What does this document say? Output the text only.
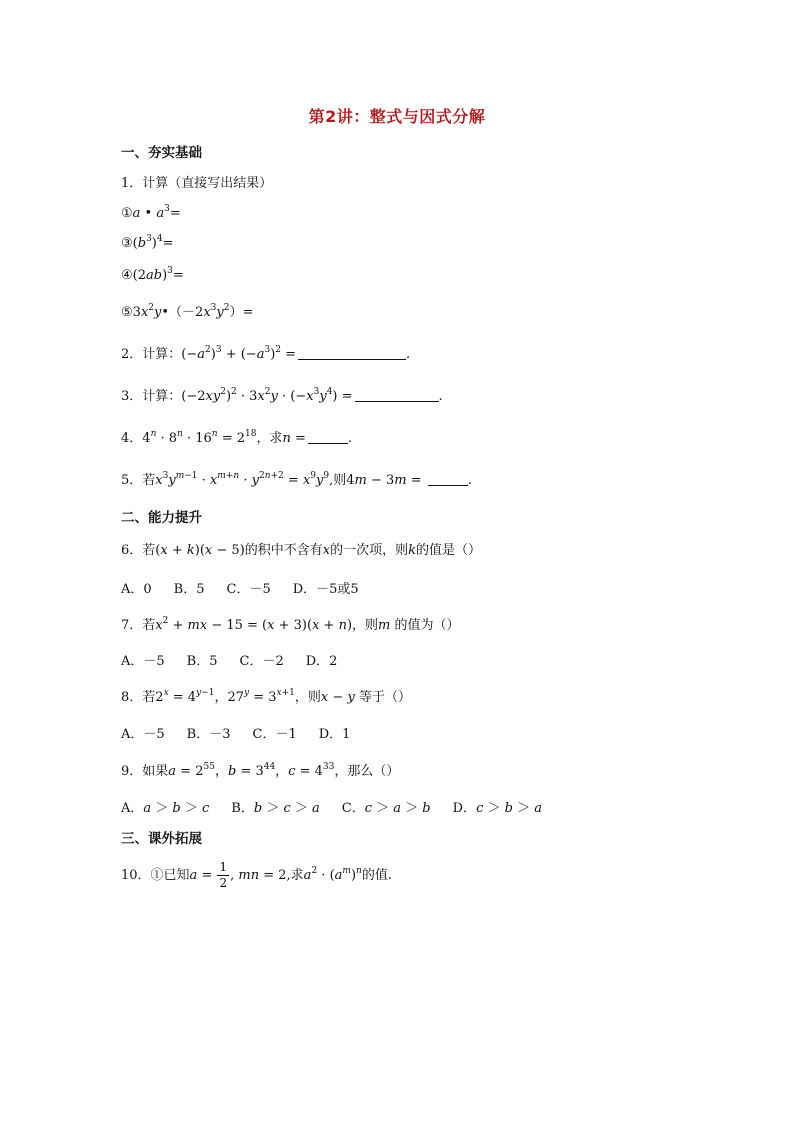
第2讲：整式与因式分解
一、夯实基础
1．计算（直接写出结果）
①a • $a^3=$
$③(b^3)^4=$
$④(2ab)^3=$
$⑤3x^2y•(-2x^3y^2)=$
2．计算：$(-a^2)^3 + (-a^3)^2$ =	.
3．计算：$(-2xy^2)^2 \cdot 3x^2y \cdot (-x^3y^4)$ =	.
4．$4^n \cdot 8^n \cdot 16^n = 2^{18}$，求n =	.
5．若$x^3y^{m-1} \cdot x^{m+n} \cdot y^{2n+2} = x^9y^9$,则4m − 3m =	.
二、能力提升
6．若(x + k)(x − 5)的积中不含有x的一次项，则k的值是（）
A．0 B．5 C．－5 D．－5或5
7．若$x^2$ + mx − 15 = (x + 3)(x + n)，则m 的值为（）
A．－5 B．5 C．－2 D．2
8．若$2^x = 4^{y-1}$，$27^y = 3^{x+1}$，则x − y 等于（）
A．－5 B．－3 C．－1 D．1
9．如果$a = 2^{55}$，$b = 3^{44}$，$c = 4^{33}$，那么（）
A．a ＞ b ＞ c B．b ＞ c ＞ a C．c ＞ a ＞ b D．c ＞ b ＞ a
三、课外拓展
10．①已知$a = \frac{1}{2}$ , mn = 2,求$a^2 \cdot (a^m)^n$的值.
